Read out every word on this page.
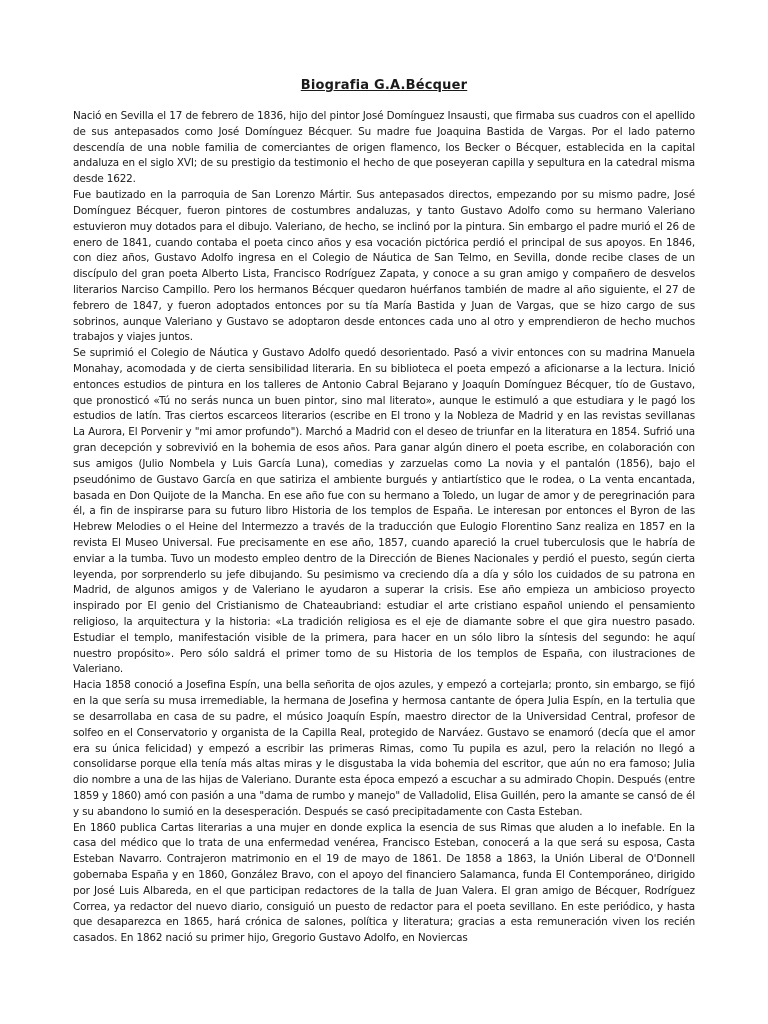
Biografia G.A.Bécquer

Nació en Sevilla el 17 de febrero de 1836, hijo del pintor José Domínguez Insausti, que firmaba sus cuadros con el apellido de sus antepasados como José Domínguez Bécquer. Su madre fue Joaquina Bastida de Vargas. Por el lado paterno descendía de una noble familia de comerciantes de origen flamenco, los Becker o Bécquer, establecida en la capital andaluza en el siglo XVI; de su prestigio da testimonio el hecho de que poseyeran capilla y sepultura en la catedral misma desde 1622.

Fue bautizado en la parroquia de San Lorenzo Mártir. Sus antepasados directos, empezando por su mismo padre, José Domínguez Bécquer, fueron pintores de costumbres andaluzas, y tanto Gustavo Adolfo como su hermano Valeriano estuvieron muy dotados para el dibujo. Valeriano, de hecho, se inclinó por la pintura. Sin embargo el padre murió el 26 de enero de 1841, cuando contaba el poeta cinco años y esa vocación pictórica perdió el principal de sus apoyos. En 1846, con diez años, Gustavo Adolfo ingresa en el Colegio de Náutica de San Telmo, en Sevilla, donde recibe clases de un discípulo del gran poeta Alberto Lista, Francisco Rodríguez Zapata, y conoce a su gran amigo y compañero de desvelos literarios Narciso Campillo. Pero los hermanos Bécquer quedaron huérfanos también de madre al año siguiente, el 27 de febrero de 1847, y fueron adoptados entonces por su tía María Bastida y Juan de Vargas, que se hizo cargo de sus sobrinos, aunque Valeriano y Gustavo se adoptaron desde entonces cada uno al otro y emprendieron de hecho muchos trabajos y viajes juntos.

Se suprimió el Colegio de Náutica y Gustavo Adolfo quedó desorientado. Pasó a vivir entonces con su madrina Manuela Monahay, acomodada y de cierta sensibilidad literaria. En su biblioteca el poeta empezó a aficionarse a la lectura. Inició entonces estudios de pintura en los talleres de Antonio Cabral Bejarano y Joaquín Domínguez Bécquer, tío de Gustavo, que pronosticó «Tú no serás nunca un buen pintor, sino mal literato», aunque le estimuló a que estudiara y le pagó los estudios de latín. Tras ciertos escarceos literarios (escribe en El trono y la Nobleza de Madrid y en las revistas sevillanas La Aurora, El Porvenir y "mi amor profundo"). Marchó a Madrid con el deseo de triunfar en la literatura en 1854. Sufrió una gran decepción y sobrevivió en la bohemia de esos años. Para ganar algún dinero el poeta escribe, en colaboración con sus amigos (Julio Nombela y Luis García Luna), comedias y zarzuelas como La novia y el pantalón (1856), bajo el pseudónimo de Gustavo García en que satiriza el ambiente burgués y antiartístico que le rodea, o La venta encantada, basada en Don Quijote de la Mancha. En ese año fue con su hermano a Toledo, un lugar de amor y de peregrinación para él, a fin de inspirarse para su futuro libro Historia de los templos de España. Le interesan por entonces el Byron de las Hebrew Melodies o el Heine del Intermezzo a través de la traducción que Eulogio Florentino Sanz realiza en 1857 en la revista El Museo Universal. Fue precisamente en ese año, 1857, cuando apareció la cruel tuberculosis que le habría de enviar a la tumba. Tuvo un modesto empleo dentro de la Dirección de Bienes Nacionales y perdió el puesto, según cierta leyenda, por sorprenderlo su jefe dibujando. Su pesimismo va creciendo día a día y sólo los cuidados de su patrona en Madrid, de algunos amigos y de Valeriano le ayudaron a superar la crisis. Ese año empieza un ambicioso proyecto inspirado por El genio del Cristianismo de Chateaubriand: estudiar el arte cristiano español uniendo el pensamiento religioso, la arquitectura y la historia: «La tradición religiosa es el eje de diamante sobre el que gira nuestro pasado. Estudiar el templo, manifestación visible de la primera, para hacer en un sólo libro la síntesis del segundo: he aquí nuestro propósito». Pero sólo saldrá el primer tomo de su Historia de los templos de España, con ilustraciones de Valeriano.

Hacia 1858 conoció a Josefina Espín, una bella señorita de ojos azules, y empezó a cortejarla; pronto, sin embargo, se fijó en la que sería su musa irremediable, la hermana de Josefina y hermosa cantante de ópera Julia Espín, en la tertulia que se desarrollaba en casa de su padre, el músico Joaquín Espín, maestro director de la Universidad Central, profesor de solfeo en el Conservatorio y organista de la Capilla Real, protegido de Narváez. Gustavo se enamoró (decía que el amor era su única felicidad) y empezó a escribir las primeras Rimas, como Tu pupila es azul, pero la relación no llegó a consolidarse porque ella tenía más altas miras y le disgustaba la vida bohemia del escritor, que aún no era famoso; Julia dio nombre a una de las hijas de Valeriano. Durante esta época empezó a escuchar a su admirado Chopin. Después (entre 1859 y 1860) amó con pasión a una "dama de rumbo y manejo" de Valladolid, Elisa Guillén, pero la amante se cansó de él y su abandono lo sumió en la desesperación. Después se casó precipitadamente con Casta Esteban.

En 1860 publica Cartas literarias a una mujer en donde explica la esencia de sus Rimas que aluden a lo inefable. En la casa del médico que lo trata de una enfermedad venérea, Francisco Esteban, conocerá a la que será su esposa, Casta Esteban Navarro. Contrajeron matrimonio en el 19 de mayo de 1861. De 1858 a 1863, la Unión Liberal de O'Donnell gobernaba España y en 1860, González Bravo, con el apoyo del financiero Salamanca, funda El Contemporáneo, dirigido por José Luis Albareda, en el que participan redactores de la talla de Juan Valera. El gran amigo de Bécquer, Rodríguez Correa, ya redactor del nuevo diario, consiguió un puesto de redactor para el poeta sevillano. En este periódico, y hasta que desaparezca en 1865, hará crónica de salones, política y literatura; gracias a esta remuneración viven los recién casados. En 1862 nació su primer hijo, Gregorio Gustavo Adolfo, en Noviercas
